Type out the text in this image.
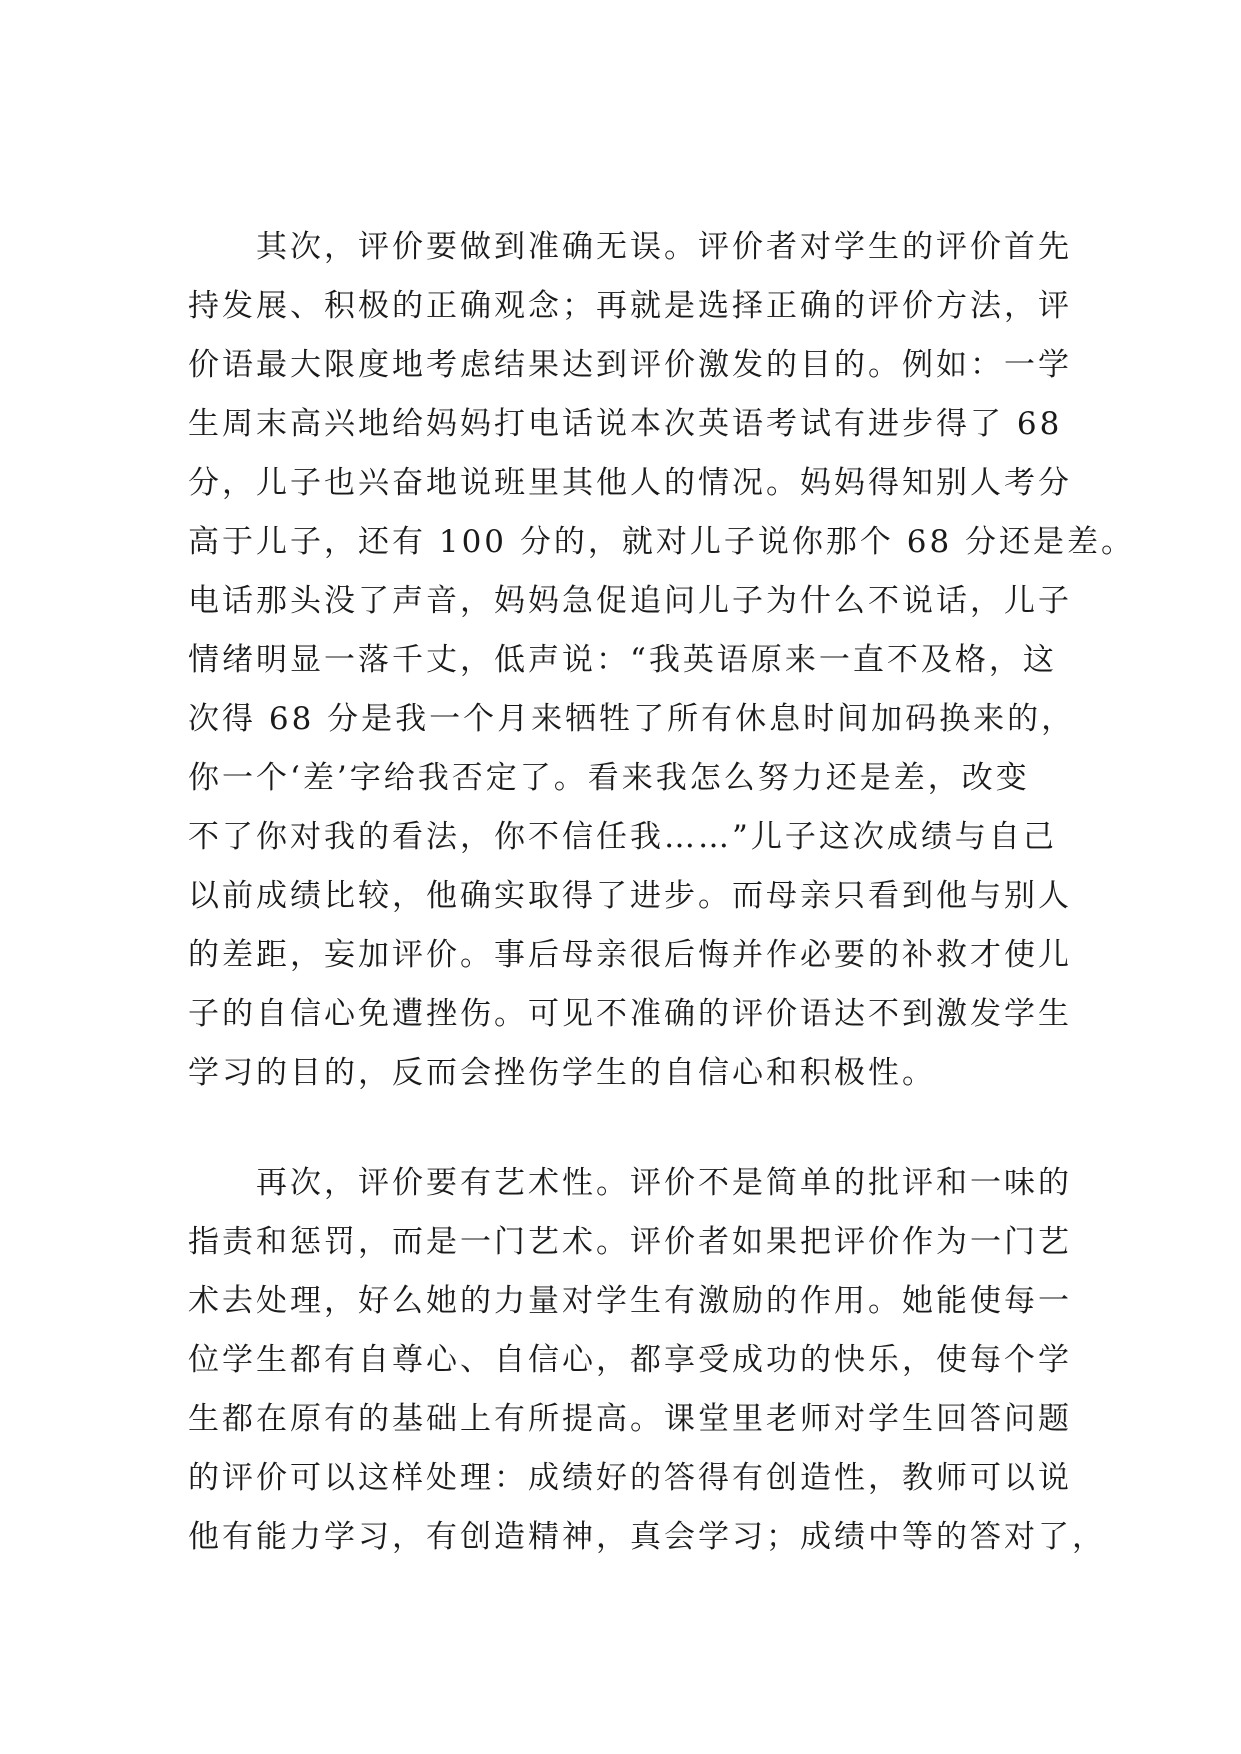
其次，评价要做到准确无误。评价者对学生的评价首先
持发展、积极的正确观念；再就是选择正确的评价方法，评
价语最大限度地考虑结果达到评价激发的目的。例如：一学
生周末高兴地给妈妈打电话说本次英语考试有进步得了 68
分，儿子也兴奋地说班里其他人的情况。妈妈得知别人考分
高于儿子，还有 100 分的，就对儿子说你那个 68 分还是差。
电话那头没了声音，妈妈急促追问儿子为什么不说话，儿子
情绪明显一落千丈，低声说：“我英语原来一直不及格，这
次得 68 分是我一个月来牺牲了所有休息时间加码换来的，
你一个‘差’字给我否定了。看来我怎么努力还是差，改变
不了你对我的看法，你不信任我……”儿子这次成绩与自己
以前成绩比较，他确实取得了进步。而母亲只看到他与别人
的差距，妄加评价。事后母亲很后悔并作必要的补救才使儿
子的自信心免遭挫伤。可见不准确的评价语达不到激发学生
学习的目的，反而会挫伤学生的自信心和积极性。
再次，评价要有艺术性。评价不是简单的批评和一味的
指责和惩罚，而是一门艺术。评价者如果把评价作为一门艺
术去处理，好么她的力量对学生有激励的作用。她能使每一
位学生都有自尊心、自信心，都享受成功的快乐，使每个学
生都在原有的基础上有所提高。课堂里老师对学生回答问题
的评价可以这样处理：成绩好的答得有创造性，教师可以说
他有能力学习，有创造精神，真会学习；成绩中等的答对了，
